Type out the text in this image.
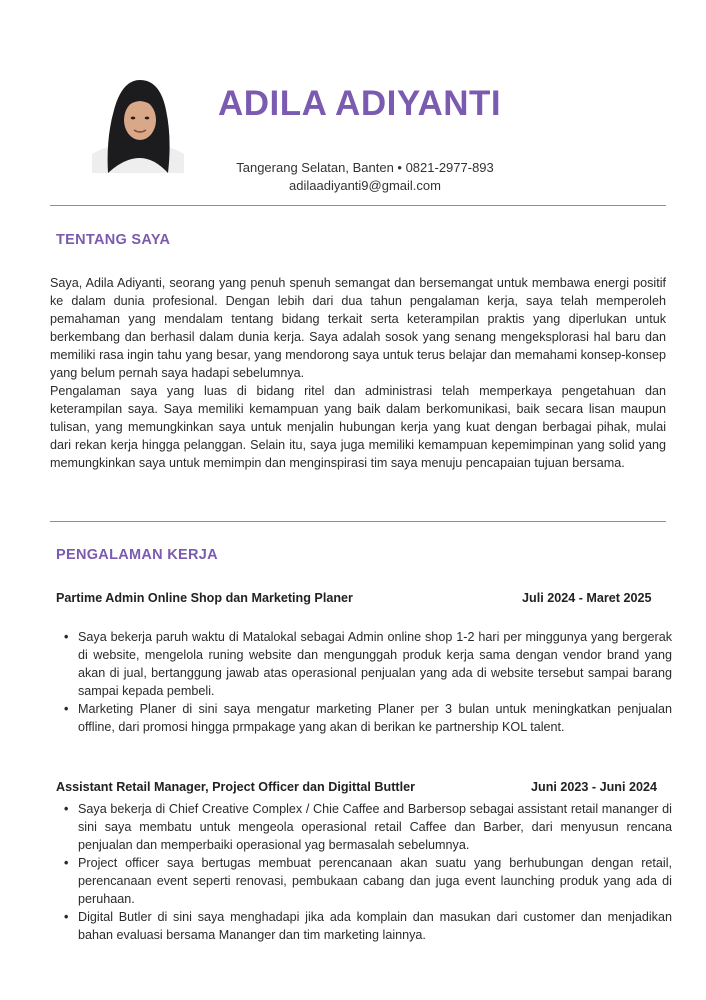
ADILA ADIYANTI
Tangerang Selatan, Banten • 0821-2977-893
adilaadiyanti9@gmail.com
TENTANG SAYA

Saya, Adila Adiyanti, seorang yang penuh spenuh semangat dan bersemangat untuk membawa energi positif ke dalam dunia profesional. Dengan lebih dari dua tahun pengalaman kerja, saya telah memperoleh pemahaman yang mendalam tentang bidang terkait serta keterampilan praktis yang diperlukan untuk berkembang dan berhasil dalam dunia kerja. Saya adalah sosok yang senang mengeksplorasi hal baru dan memiliki rasa ingin tahu yang besar, yang mendorong saya untuk terus belajar dan memahami konsep-konsep yang belum pernah saya hadapi sebelumnya.

Pengalaman saya yang luas di bidang ritel dan administrasi telah memperkaya pengetahuan dan keterampilan saya. Saya memiliki kemampuan yang baik dalam berkomunikasi, baik secara lisan maupun tulisan, yang memungkinkan saya untuk menjalin hubungan kerja yang kuat dengan berbagai pihak, mulai dari rekan kerja hingga pelanggan. Selain itu, saya juga memiliki kemampuan kepemimpinan yang solid yang memungkinkan saya untuk memimpin dan menginspirasi tim saya menuju pencapaian tujuan bersama.

PENGALAMAN KERJA
Partime Admin Online Shop dan Marketing Planer	Juli 2024 - Maret 2025
• Saya bekerja paruh waktu di Matalokal sebagai Admin online shop 1-2 hari per minggunya yang bergerak di website, mengelola runing website dan mengunggah produk kerja sama dengan vendor brand yang akan di jual, bertanggung jawab atas operasional penjualan yang ada di website tersebut sampai barang sampai kepada pembeli.
• Marketing Planer di sini saya mengatur marketing Planer per 3 bulan untuk meningkatkan penjualan offline, dari promosi hingga prmpakage yang akan di berikan ke partnership KOL talent.
Assistant Retail Manager, Project Officer dan Digittal Buttler	Juni 2023 - Juni 2024
• Saya bekerja di Chief Creative Complex / Chie Caffee and Barbersop sebagai assistant retail mananger di sini saya membatu untuk mengeola operasional retail Caffee dan Barber, dari menyusun rencana penjualan dan memperbaiki operasional yag bermasalah sebelumnya.
• Project officer saya bertugas membuat perencanaan akan suatu yang berhubungan dengan retail, perencanaan event seperti renovasi, pembukaan cabang dan juga event launching produk yang ada di peruhaan.
• Digital Butler di sini saya menghadapi jika ada komplain dan masukan dari customer dan menjadikan bahan evaluasi bersama Mananger dan tim marketing lainnya.
